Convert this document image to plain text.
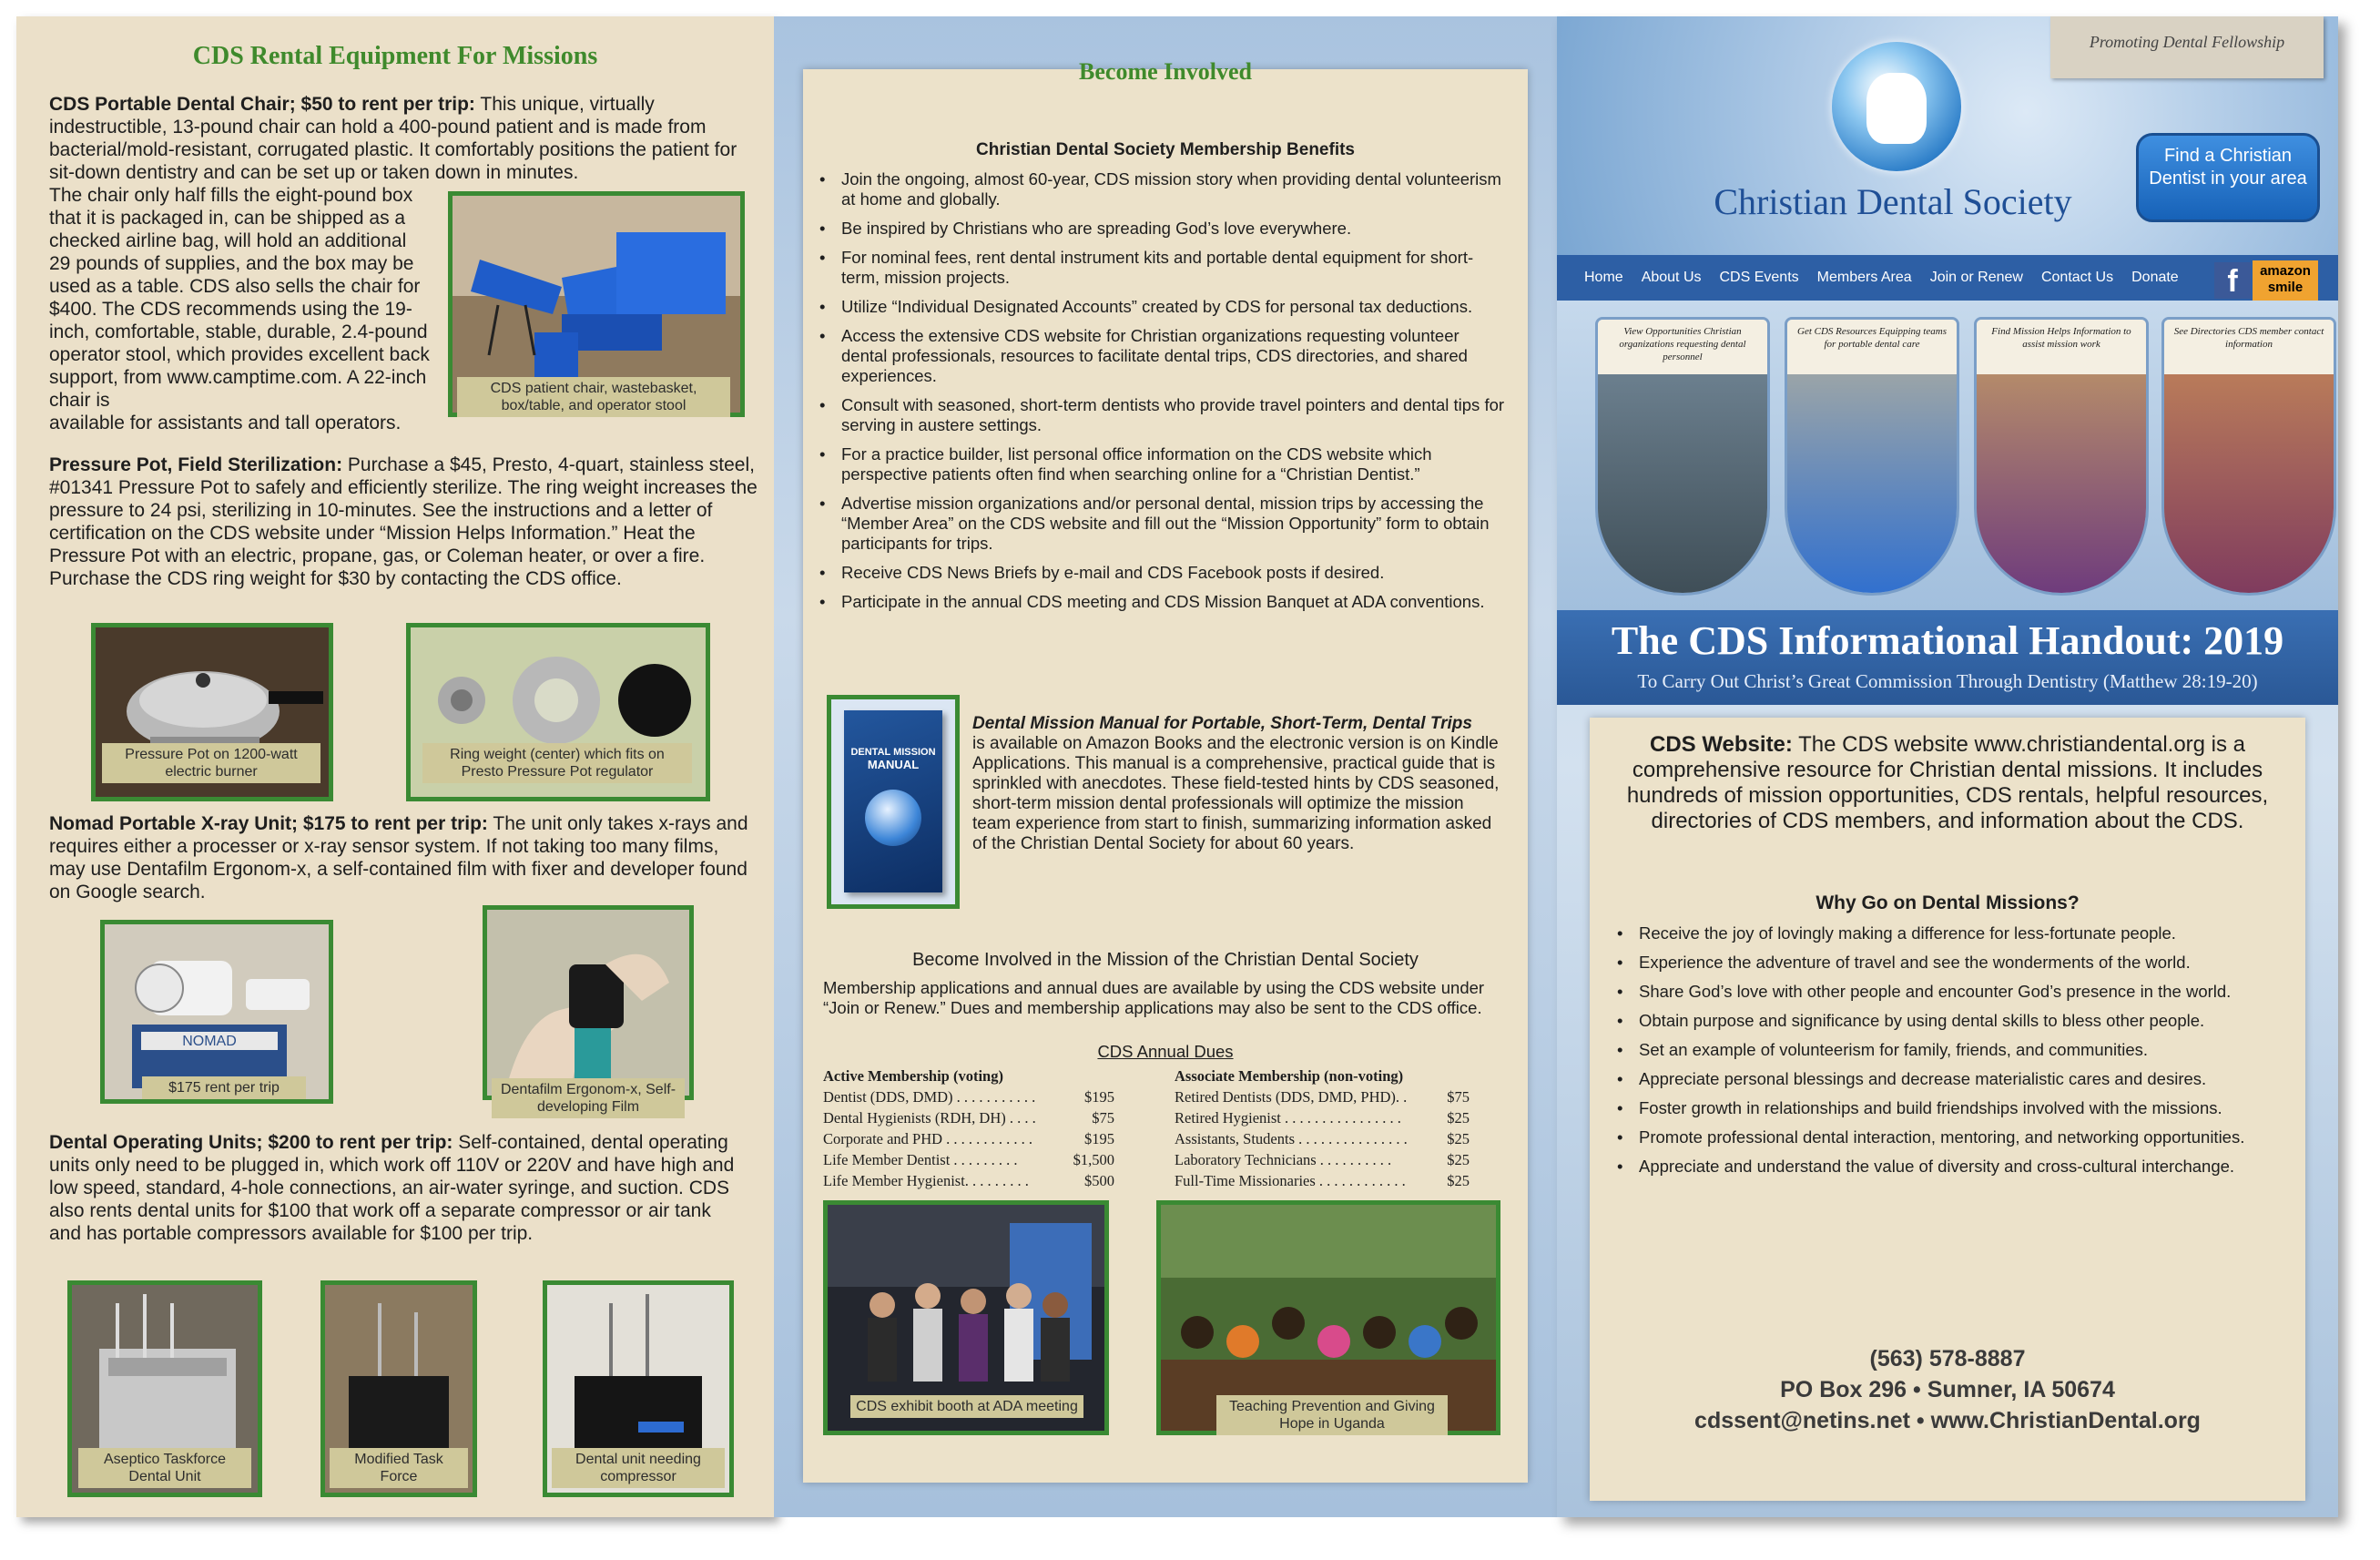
CDS Rental Equipment For Missions
CDS Portable Dental Chair; $50 to rent per trip: This unique, virtually indestructible, 13-pound chair can hold a 400-pound patient and is made from bacterial/mold-resistant, corrugated plastic. It comfortably positions the patient for sit-down dentistry and can be set up or taken down in minutes.
The chair only half fills the eight-pound box that it is packaged in, can be shipped as a checked airline bag, will hold an additional 29 pounds of supplies, and the box may be used as a table. CDS also sells the chair for $400. The CDS recommends using the 19-inch, comfortable, stable, durable, 2.4-pound operator stool, which provides excellent back support, from www.camptime.com. A 22-inch chair is
available for assistants and tall operators.
CDS patient chair, wastebasket, box/table, and operator stool
Pressure Pot, Field Sterilization: Purchase a $45, Presto, 4-quart, stainless steel, #01341 Pressure Pot to safely and efficiently sterilize. The ring weight increases the pressure to 24 psi, sterilizing in 10-minutes. See the instructions and a letter of certification on the CDS website under “Mission Helps Information.” Heat the Pressure Pot with an electric, propane, gas, or Coleman heater, or over a fire. Purchase the CDS ring weight for $30 by contacting the CDS office.
Pressure Pot on 1200-watt electric burner
Ring weight (center) which fits on Presto Pressure Pot regulator
Nomad Portable X-ray Unit; $175 to rent per trip: The unit only takes x-rays and requires either a processer or x-ray sensor system. If not taking too many films, may use Dentafilm Ergonom-x, a self-contained film with fixer and developer found on Google search.
NOMAD
$175 rent per trip	Dentafilm Ergonom-x, Self-developing Film
Dental Operating Units; $200 to rent per trip: Self-contained, dental operating units only need to be plugged in, which work off 110V or 220V and have high and low speed, standard, 4-hole connections, an air-water syringe, and suction. CDS also rents dental units for $100 that work off a separate compressor or air tank and has portable compressors available for $100 per trip.
Aseptico Taskforce Dental Unit
Modified Task Force
Dental unit needing compressor
Become Involved
Christian Dental Society Membership Benefits
• Join the ongoing, almost 60-year, CDS mission story when providing dental volunteerism at home and globally.
• Be inspired by Christians who are spreading God’s love everywhere.
• For nominal fees, rent dental instrument kits and portable dental equipment for short-term, mission projects.
• Utilize “Individual Designated Accounts” created by CDS for personal tax deductions.
• Access the extensive CDS website for Christian organizations requesting volunteer dental professionals, resources to facilitate dental trips, CDS directories, and shared experiences.
• Consult with seasoned, short-term dentists who provide travel pointers and dental tips for serving in austere settings.
• For a practice builder, list personal office information on the CDS website which perspective patients often find when searching online for a “Christian Dentist.”
• Advertise mission organizations and/or personal dental, mission trips by accessing the “Member Area” on the CDS website and fill out the “Mission Opportunity” form to obtain participants for trips.
• Receive CDS News Briefs by e-mail and CDS Facebook posts if desired.
• Participate in the annual CDS meeting and CDS Mission Banquet at ADA conventions.
DENTAL MISSION
MANUAL
Dental Mission Manual for Portable, Short-Term, Dental Trips
is available on Amazon Books and the electronic version is on Kindle Applications. This manual is a comprehensive, practical guide that is sprinkled with anecdotes. These field-tested hints by CDS seasoned, short-term mission dental professionals will optimize the mission team experience from start to finish, summarizing information asked of the Christian Dental Society for about 60 years.
Become Involved in the Mission of the Christian Dental Society
Membership applications and annual dues are available by using the CDS website under “Join or Renew.” Dues and membership applications may also be sent to the CDS office.
CDS Annual Dues
Active Membership (voting)
Dentist (DDS, DMD) . . . . . . . . . . .	$195
Dental Hygienists (RDH, DH) . . . .	$75
Corporate and PHD . . . . . . . . . . . .	$195
Life Member Dentist . . . . . . . . .	$1,500
Life Member Hygienist. . . . . . . . .	$500
Associate Membership (non-voting)
Retired Dentists (DDS, DMD, PHD). .	$75
Retired Hygienist . . . . . . . . . . . . . . . .	$25
Assistants, Students . . . . . . . . . . . . . . .	$25
Laboratory Technicians . . . . . . . . . .	$25
Full-Time Missionaries . . . . . . . . . . . .	$25
CDS exhibit booth at ADA meeting	Teaching Prevention and Giving Hope in Uganda
Promoting Dental Fellowship
Christian Dental Society
Find a Christian Dentist in your area
Home About Us CDS Events Members Area Join or Renew Contact Us Donate	f	amazon smile
View Opportunities Christian organizations requesting dental personnel
Get CDS Resources Equipping teams for portable dental care
Find Mission Helps Information to assist mission work
See Directories CDS member contact information
The CDS Informational Handout: 2019
To Carry Out Christ’s Great Commission Through Dentistry (Matthew 28:19-20)
CDS Website: The CDS website www.christiandental.org is a comprehensive resource for Christian dental missions. It includes hundreds of mission opportunities, CDS rentals, helpful resources, directories of CDS members, and information about the CDS.
Why Go on Dental Missions?
• Receive the joy of lovingly making a difference for less-fortunate people.
• Experience the adventure of travel and see the wonderments of the world.
• Share God’s love with other people and encounter God’s presence in the world.
• Obtain purpose and significance by using dental skills to bless other people.
• Set an example of volunteerism for family, friends, and communities.
• Appreciate personal blessings and decrease materialistic cares and desires.
• Foster growth in relationships and build friendships involved with the missions.
• Promote professional dental interaction, mentoring, and networking opportunities.
• Appreciate and understand the value of diversity and cross-cultural interchange.
(563) 578-8887
PO Box 296 • Sumner, IA 50674
cdssent@netins.net • www.ChristianDental.org
